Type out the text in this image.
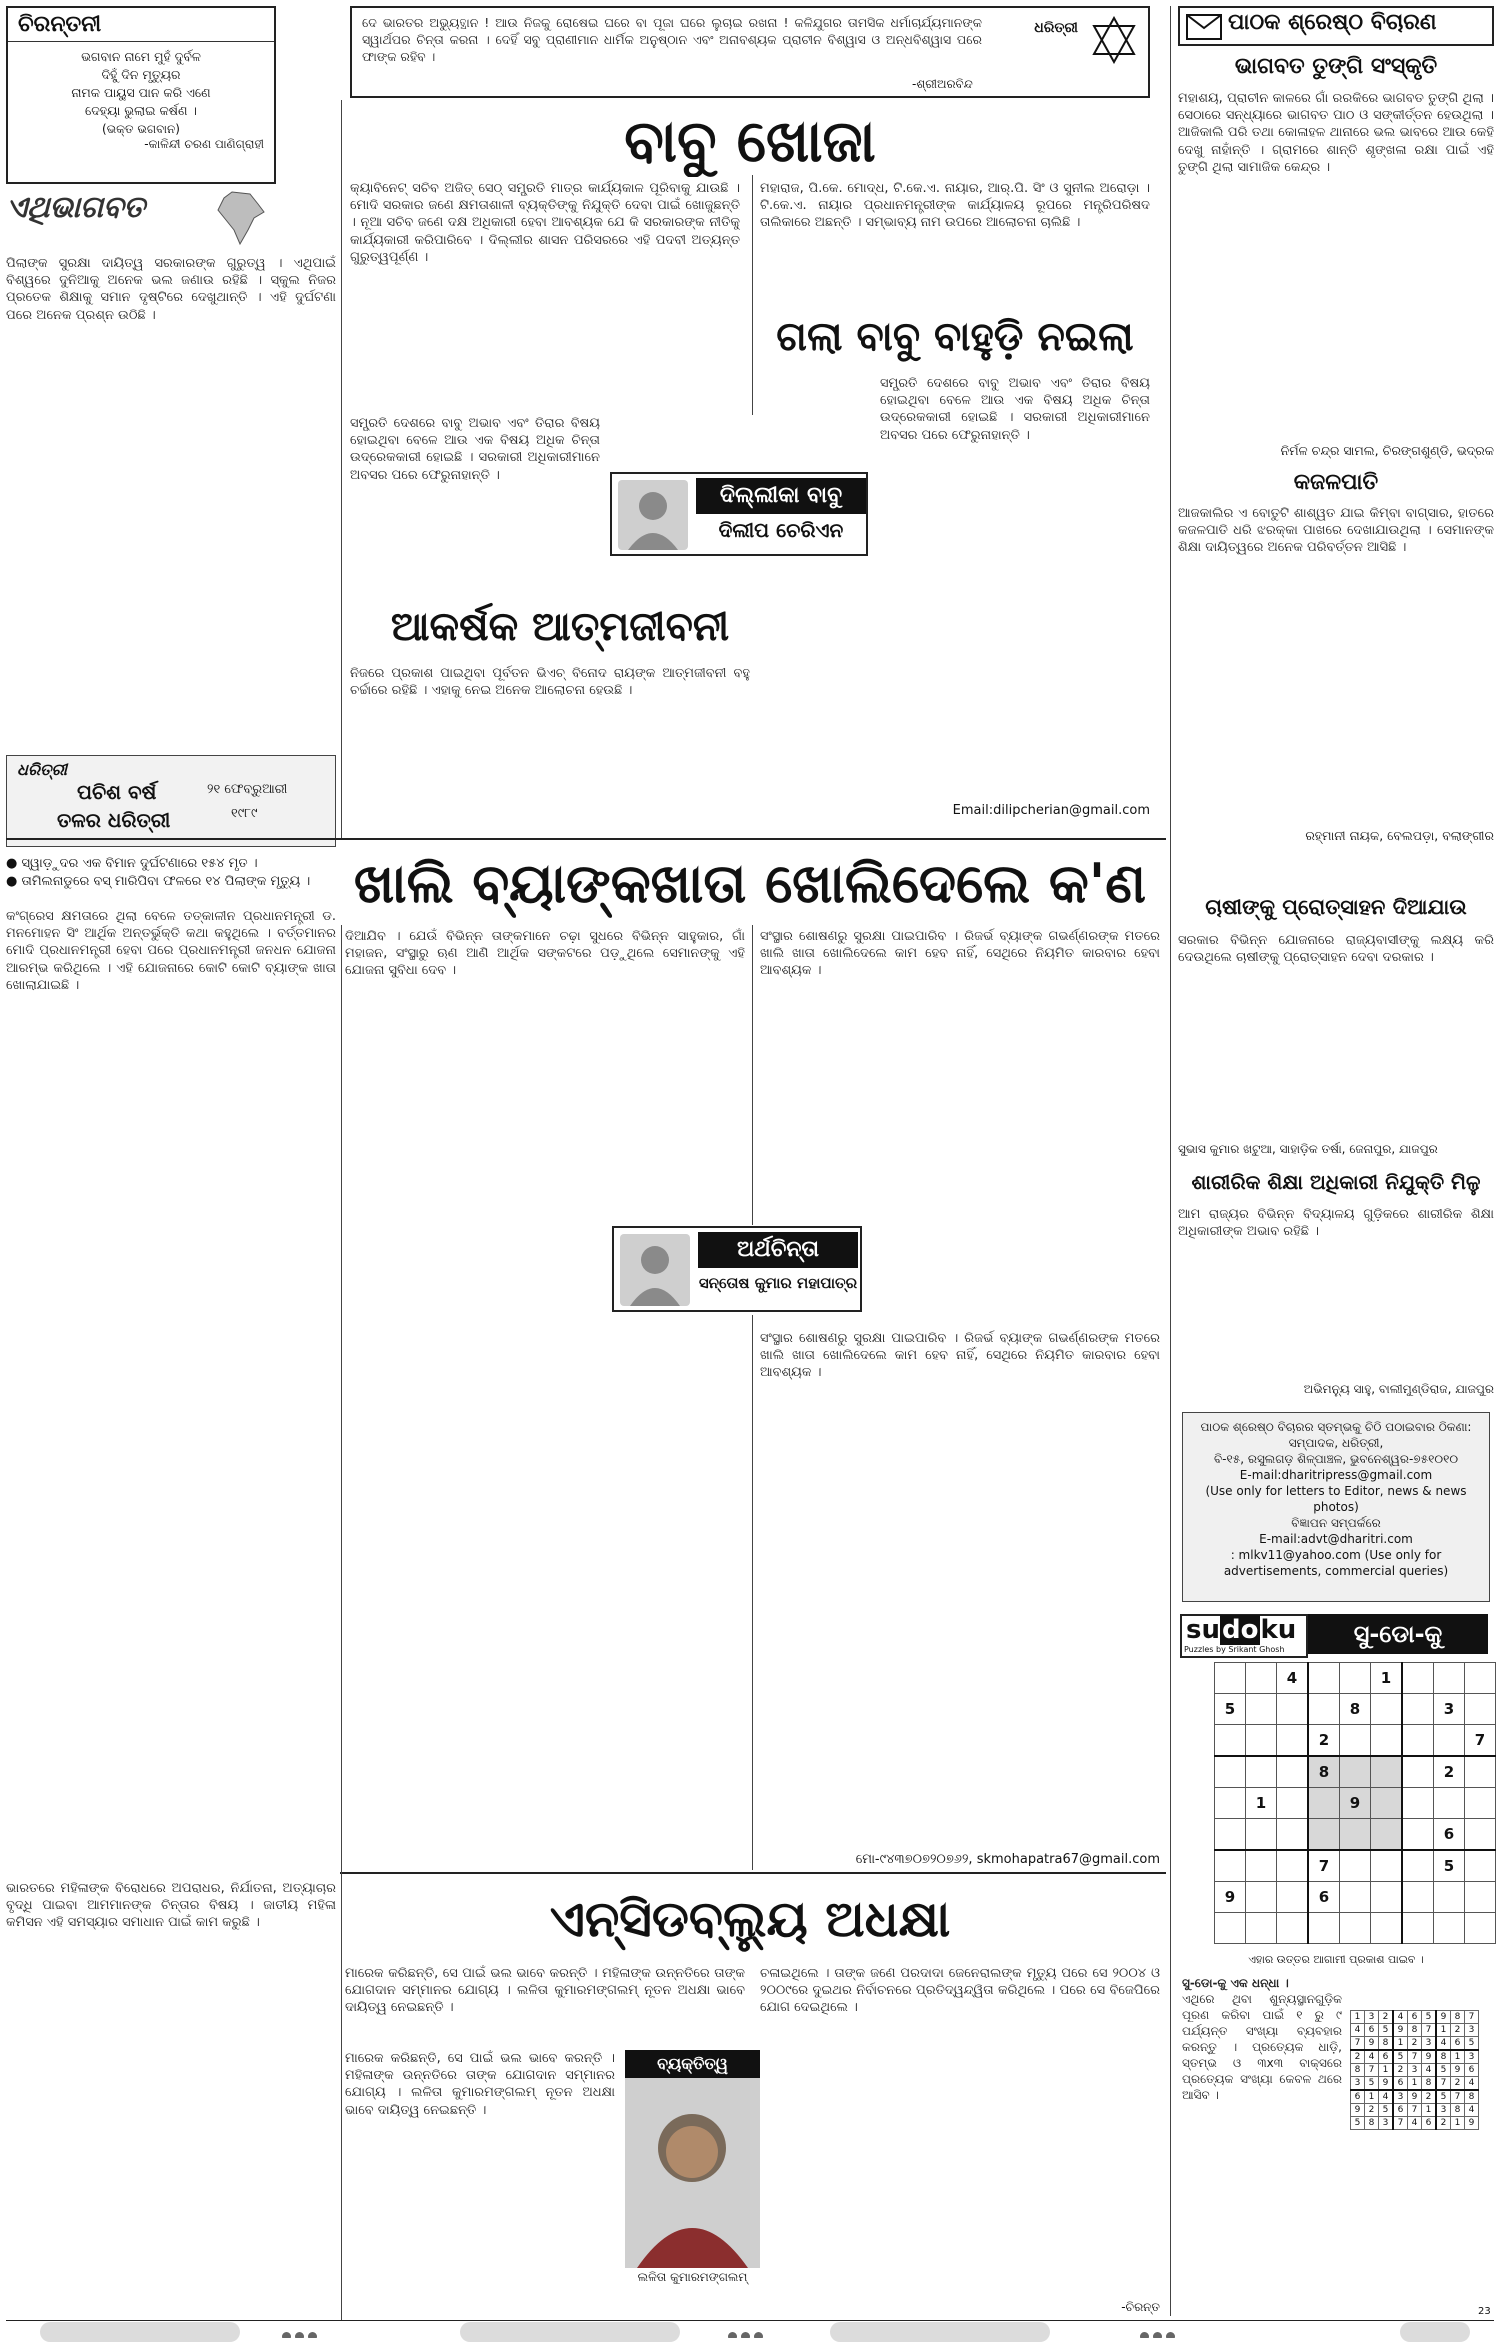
ଚିରନ୍ତନୀ
ଭଗବାନ ନାମେ ମୁହଁ ଦୁର୍ବଳ
ଦିହୁଁ ଦିନ ମୃତ୍ୟୁର
ନାମକ ପାୟୁସ ପାନ କରି ଏଣେ
ଦେହ୍ୟା ଭୁଲାଇ କର୍ଷଣ ।
(ଭକ୍ତ ଭଗବାନ)
-କାଳିନ୍ଦୀ ଚରଣ ପାଣିଗ୍ରାହୀ
ଦେ ଭାରତର ଅଭ୍ୟୁତ୍ଥାନ ! ଆଉ ନିଜକୁ ରୋଷେଇ ଘରେ ବା ପୂଜା ଘରେ ଲୁଚାଇ ରଖନା ! କଳିଯୁଗର ତାମସିକ ଧର୍ମାଚାର୍ଯ୍ୟମାନଙ୍କ ସ୍ୱାର୍ଥପର ଚିନ୍ତା କରନା । ଦେହିଁ ସବୁ ପ୍ରାଣୀମାନ ଧାର୍ମିକ ଅନୁଷ୍ଠାନ ଏବଂ ଅନାବଶ୍ୟକ ପ୍ରାଚୀନ ବିଶ୍ୱାସ ଓ ଅନ୍ଧବିଶ୍ୱାସ ପରେ ଫାଙ୍କ ରହିବ ।
-ଶ୍ରୀଅରବିନ୍ଦ
ଧରିତ୍ରୀ
ବାବୁ ଖୋଜା
କ୍ୟାବିନେଟ୍ ସଚିବ ଅଜିତ୍ ସେଠ୍ ସମ୍ପ୍ରତି ମାତ୍ର କାର୍ଯ୍ୟକାଳ ପୂରିବାକୁ ଯାଉଛି । ମୋଦି ସରକାର ଜଣେ କ୍ଷମତାଶାଳୀ ବ୍ୟକ୍ତିଙ୍କୁ ନିଯୁକ୍ତି ଦେବା ପାଇଁ ଖୋଜୁଛନ୍ତି । ନୂଆ ସଚିବ ଜଣେ ଦକ୍ଷ ଅଧିକାରୀ ହେବା ଆବଶ୍ୟକ ଯେ କି ସରକାରଙ୍କ ନୀତିକୁ କାର୍ଯ୍ୟକାରୀ କରିପାରିବେ । ଦିଲ୍ଲୀର ଶାସନ ପରିସରରେ ଏହି ପଦବୀ ଅତ୍ୟନ୍ତ ଗୁରୁତ୍ୱପୂର୍ଣ୍ଣ ।
ମହାରାଜ, ପି.କେ. ମୋଦ୍ଧ, ଟି.କେ.ଏ. ନାୟାର, ଆର୍.ପି. ସିଂ ଓ ସୁନୀଲ ଅରୋଡ଼ା । ଟି.କେ.ଏ. ନାୟାର ପ୍ରଧାନମନ୍ତ୍ରୀଙ୍କ କାର୍ଯ୍ୟାଳୟ ରୂପରେ ମନ୍ତ୍ରିପରିଷଦ ତାଲିକାରେ ଅଛନ୍ତି । ସମ୍ଭାବ୍ୟ ନାମ ଉପରେ ଆଲୋଚନା ଚାଲିଛି ।
ଗଲା ବାବୁ ବାହୁଡ଼ି ନଇଲା
ଦିଲ୍ଲୀକା ବାବୁ
ଦିଲୀପ ଚେରିଏନ
ଆକର୍ଷକ ଆତ୍ମଜୀବନୀ
ସମ୍ପ୍ରତି ଦେଶରେ ବାବୁ ଅଭାବ ଏବଂ ତିରାର ବିଷୟ ହୋଇଥିବା ବେଳେ ଆଉ ଏକ ବିଷୟ ଅଧିକ ଚିନ୍ତା ଉଦ୍ରେକକାରୀ ହୋଇଛି । ସରକାରୀ ଅଧିକାରୀମାନେ ଅବସର ପରେ ଫେରୁନାହାନ୍ତି ।
ସମ୍ପ୍ରତି ଦେଶରେ ବାବୁ ଅଭାବ ଏବଂ ତିରାର ବିଷୟ ହୋଇଥିବା ବେଳେ ଆଉ ଏକ ବିଷୟ ଅଧିକ ଚିନ୍ତା ଉଦ୍ରେକକାରୀ ହୋଇଛି । ସରକାରୀ ଅଧିକାରୀମାନେ ଅବସର ପରେ ଫେରୁନାହାନ୍ତି ।
ନିଜରେ ପ୍ରକାଶ ପାଇଥିବା ପୂର୍ବତନ ଭିଏଚ୍ ବିନୋଦ ରାୟଙ୍କ ଆତ୍ମଜୀବନୀ ବହୁ ଚର୍ଚ୍ଚାରେ ରହିଛି । ଏହାକୁ ନେଇ ଅନେକ ଆଲୋଚନା ହେଉଛି ।
Email:dilipcherian@gmail.com
ଏଥିଭାଗବତ
ପିଲାଙ୍କ ସୁରକ୍ଷା ଦାୟିତ୍ୱ ସରକାରଙ୍କ ଗୁରୁତ୍ୱ । ଏଥିପାଇଁ ବିଶ୍ୱରେ ଦୁନିଆକୁ ଅନେକ ଭଲ ଜଣାଉ ରହିଛି । ସ୍କୁଲ ନିଜର ପ୍ରତେକ ଶିକ୍ଷାକୁ ସମାନ ଦୃଷ୍ଟିରେ ଦେଖୁଥାନ୍ତି । ଏହି ଦୁର୍ଘଟଣା ପରେ ଅନେକ ପ୍ରଶ୍ନ ଉଠିଛି ।
ଧରିତ୍ରୀ
ପଚିଶ ବର୍ଷ
ତଳର ଧରିତ୍ରୀ
୨୧ ଫେବ୍ରୁଆରୀ
୧୯୮୯
● ସ୍ୱାଡ଼ୁଦର ଏକ ବିମାନ ଦୁର୍ଘଟଣାରେ ୧୫୪ ମୃତ ।
● ତାମିଲନାଡୁରେ ବସ୍ ମାରିପିବା ଫଳରେ ୧୪ ପିଲାଙ୍କ ମୃତ୍ୟୁ ।
ପାଠକ ଶ୍ରେଷ୍ଠ ବିଚାରଣ
ଭାଗବତ ତୁଙ୍ଗି ସଂସ୍କୃତି
ମହାଶୟ, ପ୍ରାଚୀନ କାଳରେ ଗାଁ ରରକିରେ ଭାଗବତ ତୁଙ୍ଗି ଥିଲା । ସେଠାରେ ସନ୍ଧ୍ୟାରେ ଭାଗବତ ପାଠ ଓ ସଙ୍କୀର୍ତ୍ତନ ହେଉଥିଲା । ଆଜିକାଲି ପରି ତଥା କୋଳାହଳ ଥାନାରେ ଭଲ ଭାବରେ ଆଉ କେହି ଦେଖୁ ନାହାଁନ୍ତି । ଗ୍ରାମରେ ଶାନ୍ତି ଶୃଙ୍ଖଳା ରକ୍ଷା ପାଇଁ ଏହି ତୁଙ୍ଗି ଥିଲା ସାମାଜିକ କେନ୍ଦ୍ର ।
ନିର୍ମଳ ଚନ୍ଦ୍ର ସାମଲ, ଚିରଙ୍ଗଶୁଣ୍ଡି, ଭଦ୍ରକ
କଜଳପାତି
ଆଜକାଲିର ଏ ବୋତୁଟି ଶାଶ୍ୱତ ଯାଇ କିମ୍ବା ବାଗ୍ସାର, ହାତରେ କଜଳପାତି ଧରି ଝରକ୍କା ପାଖରେ ଦେଖାଯାଉଥିଲା । ସେମାନଙ୍କ ଶିକ୍ଷା ଦାୟିତ୍ୱରେ ଅନେକ ପରିବର୍ତ୍ତନ ଆସିଛି ।
ରହ୍ମାନୀ ନାୟକ, ବେଲପଡ଼ା, ବଲାଙ୍ଗୀର
ଚାଷୀଙ୍କୁ ପ୍ରୋତ୍ସାହନ ଦିଆଯାଉ
ସରକାର ବିଭିନ୍ନ ଯୋଜନାରେ ରାଜ୍ୟବାସୀଙ୍କୁ ଲକ୍ଷ୍ୟ କରି ଦେଉଥିଲେ ଚାଷୀଙ୍କୁ ପ୍ରୋତ୍ସାହନ ଦେବା ଦରକାର ।
ସୁଭାସ କୁମାର ଖଟୁଆ, ସାହାଡ଼ିକ ତର୍ଷା, ଜେନାପୁର, ଯାଜପୁର
ଶାରୀରିକ ଶିକ୍ଷା ଅଧିକାରୀ ନିଯୁକ୍ତି ମିଳୁ
ଆମ ରାଜ୍ୟର ବିଭିନ୍ନ ବିଦ୍ୟାଳୟ ଗୁଡ଼ିକରେ ଶାରୀରିକ ଶିକ୍ଷା ଅଧିକାରୀଙ୍କ ଅଭାବ ରହିଛି ।
ଅଭିମନ୍ୟୁ ସାହୁ, ବାଲୀମୁଣ୍ଡିରାଜ, ଯାଜପୁର
ପାଠକ ଶ୍ରେଷ୍ଠ ବିଚାରର ସ୍ତମ୍ଭକୁ ଚିଠି ପଠାଇବାର ଠିକଣା:
ସମ୍ପାଦକ, ଧରିତ୍ରୀ,
ବି-୧୫, ରସୁଲଗଡ଼ ଶିଳ୍ପାଞ୍ଚଳ, ଭୁବନେଶ୍ୱର-୭୫୧୦୧୦
E-mail:dharitripress@gmail.com
(Use only for letters to Editor, news & news photos)
ବିଜ୍ଞାପନ ସମ୍ପର୍କରେ
E-mail:advt@dharitri.com
: mlkv11@yahoo.com (Use only for advertisements, commercial queries)
sudoku
Puzzles by Srikant Ghosh
ସୁ-ଡୋ-କୁ
		4			1			
5				8			3	
			2					7
			8				2	
	1			9				
							6	
			7				5	
9			6					

ଏହାର ଉତ୍ତର ଆଗାମୀ ପ୍ରକାଶ ପାଇବ ।
ସୁ-ଡୋ-କୁ ଏକ ଧନ୍ଧା ।
ଏଥିରେ ଥିବା ଶୁନ୍ୟସ୍ଥାନଗୁଡ଼ିକ ପୂରଣ କରିବା ପାଇଁ ୧ ରୁ ୯ ପର୍ଯ୍ୟନ୍ତ ସଂଖ୍ୟା ବ୍ୟବହାର କରନ୍ତୁ । ପ୍ରତ୍ୟେକ ଧାଡ଼ି, ସ୍ତମ୍ଭ ଓ ୩x୩ ବାକ୍ସରେ ପ୍ରତ୍ୟେକ ସଂଖ୍ୟା କେବଳ ଥରେ ଆସିବ ।
1	3	2	4	6	5	9	8	7
4	6	5	9	8	7	1	2	3
7	9	8	1	2	3	4	6	5
2	4	6	5	7	9	8	1	3
8	7	1	2	3	4	5	9	6
3	5	9	6	1	8	7	2	4
6	1	4	3	9	2	5	7	8
9	2	5	6	7	1	3	8	4
5	8	3	7	4	6	2	1	9
ଖାଲି ବ୍ୟାଙ୍କଖାତା ଖୋଲିଦେଲେ କ'ଣ
କଂଗ୍ରେସ କ୍ଷମତାରେ ଥିଲା ବେଳେ ତତ୍କାଳୀନ ପ୍ରଧାନମନ୍ତ୍ରୀ ଡ. ମନମୋହନ ସିଂ ଆର୍ଥିକ ଅନ୍ତର୍ଭୁକ୍ତି କଥା କହୁଥିଲେ । ବର୍ତ୍ତମାନର ମୋଦି ପ୍ରଧାନମନ୍ତ୍ରୀ ହେବା ପରେ ପ୍ରଧାନମନ୍ତ୍ରୀ ଜନଧନ ଯୋଜନା ଆରମ୍ଭ କରିଥିଲେ । ଏହି ଯୋଜନାରେ କୋଟି କୋଟି ବ୍ୟାଙ୍କ ଖାତା ଖୋଲାଯାଇଛି ।
ଦିଆଯିବ । ଯେଉଁ ବିଭିନ୍ନ ତାଙ୍କମାନେ ଚଢ଼ା ସୁଧରେ ବିଭିନ୍ନ ସାହୁକାର, ଗାଁ ମହାଜନ, ସଂସ୍ଥାରୁ ଋଣ ଆଣି ଆର୍ଥିକ ସଙ୍କଟରେ ପଡ଼ୁଥିଲେ ସେମାନଙ୍କୁ ଏହି ଯୋଜନା ସୁବିଧା ଦେବ ।
ସଂସ୍ଥାର ଶୋଷଣରୁ ସୁରକ୍ଷା ପାଇପାରିବ । ରିଜର୍ଭ ବ୍ୟାଙ୍କ ଗଭର୍ଣ୍ଣରଙ୍କ ମତରେ ଖାଲି ଖାତା ଖୋଲିଦେଲେ କାମ ହେବ ନାହିଁ, ସେଥିରେ ନିୟମିତ କାରବାର ହେବା ଆବଶ୍ୟକ ।
ସଂସ୍ଥାର ଶୋଷଣରୁ ସୁରକ୍ଷା ପାଇପାରିବ । ରିଜର୍ଭ ବ୍ୟାଙ୍କ ଗଭର୍ଣ୍ଣରଙ୍କ ମତରେ ଖାଲି ଖାତା ଖୋଲିଦେଲେ କାମ ହେବ ନାହିଁ, ସେଥିରେ ନିୟମିତ କାରବାର ହେବା ଆବଶ୍ୟକ ।
ଅର୍ଥଚିନ୍ତା
ସନ୍ତୋଷ କୁମାର ମହାପାତ୍ର
ମୋ-୯୪୩୭୦୭୨୦୭୬୨, skmohapatra67@gmail.com
ଏନ୍‌ସିଡବ୍ଲ୍ୟୁ ଅଧକ୍ଷା
ଭାରତରେ ମହିଳାଙ୍କ ବିରୋଧରେ ଅପରାଧର, ନିର୍ଯାତନା, ଅତ୍ୟାଚାର ବୃଦ୍ଧି ପାଇବା ଆମମାନଙ୍କ ଚିନ୍ତାର ବିଷୟ । ଜାତୀୟ ମହିଳା କମିସନ ଏହି ସମସ୍ୟାର ସମାଧାନ ପାଇଁ କାମ କରୁଛି ।
ମାରେକ କରିଛନ୍ତି, ସେ ପାଇଁ ଭଲ ଭାବେ କରନ୍ତି । ମହିଳାଙ୍କ ଉନ୍ନତିରେ ତାଙ୍କ ଯୋଗଦାନ ସମ୍ମାନର ଯୋଗ୍ୟ । ଲଳିତା କୁମାରମଙ୍ଗଲମ୍ ନୂତନ ଅଧକ୍ଷା ଭାବେ ଦାୟିତ୍ୱ ନେଇଛନ୍ତି ।
ଚଳାଇଥିଲେ । ତାଙ୍କ ଜଣେ ପରଦାଦା ଜେନେରାଲଙ୍କ ମୃତ୍ୟୁ ପରେ ସେ ୨୦୦୪ ଓ ୨୦୦୯ରେ ଦୁଇଥର ନିର୍ବାଚନରେ ପ୍ରତିଦ୍ୱନ୍ଦ୍ୱିତା କରିଥିଲେ । ପରେ ସେ ବିଜେପିରେ ଯୋଗ ଦେଇଥିଲେ ।
ମାରେକ କରିଛନ୍ତି, ସେ ପାଇଁ ଭଲ ଭାବେ କରନ୍ତି । ମହିଳାଙ୍କ ଉନ୍ନତିରେ ତାଙ୍କ ଯୋଗଦାନ ସମ୍ମାନର ଯୋଗ୍ୟ । ଲଳିତା କୁମାରମଙ୍ଗଲମ୍ ନୂତନ ଅଧକ୍ଷା ଭାବେ ଦାୟିତ୍ୱ ନେଇଛନ୍ତି ।
ବ୍ୟକ୍ତିତ୍ୱ
ଲଳିତା କୁମାରମଙ୍ଗଲମ୍
-ଚିରନ୍ତ	23
